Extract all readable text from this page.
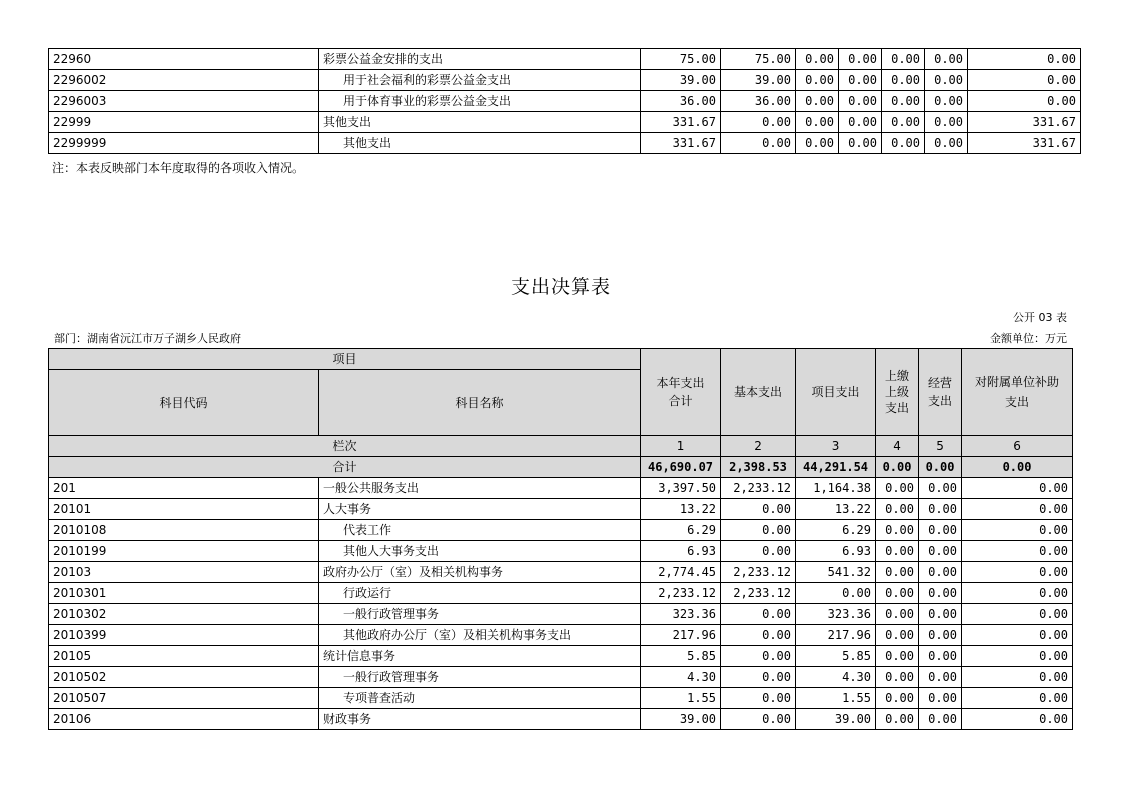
22960	彩票公益金安排的支出	75.00	75.00	0.00	0.00	0.00	0.00	0.00
2296002	用于社会福利的彩票公益金支出	39.00	39.00	0.00	0.00	0.00	0.00	0.00
2296003	用于体育事业的彩票公益金支出	36.00	36.00	0.00	0.00	0.00	0.00	0.00
22999	其他支出	331.67	0.00	0.00	0.00	0.00	0.00	331.67
2299999	其他支出	331.67	0.00	0.00	0.00	0.00	0.00	331.67
注：本表反映部门本年度取得的各项收入情况。
支出决算表
公开 03 表
部门：湖南省沅江市万子湖乡人民政府	金额单位：万元
项目		本年支出合计	基本支出	项目支出	上缴上级支出	经营支出	对附属单位补助支出
科目代码	科目名称						
栏次		1	2	3	4	5	6
合计		46,690.07	2,398.53	44,291.54	0.00	0.00	0.00
201	一般公共服务支出	3,397.50	2,233.12	1,164.38	0.00	0.00	0.00
20101	人大事务	13.22	0.00	13.22	0.00	0.00	0.00
2010108	代表工作	6.29	0.00	6.29	0.00	0.00	0.00
2010199	其他人大事务支出	6.93	0.00	6.93	0.00	0.00	0.00
20103	政府办公厅（室）及相关机构事务	2,774.45	2,233.12	541.32	0.00	0.00	0.00
2010301	行政运行	2,233.12	2,233.12	0.00	0.00	0.00	0.00
2010302	一般行政管理事务	323.36	0.00	323.36	0.00	0.00	0.00
2010399	其他政府办公厅（室）及相关机构事务支出	217.96	0.00	217.96	0.00	0.00	0.00
20105	统计信息事务	5.85	0.00	5.85	0.00	0.00	0.00
2010502	一般行政管理事务	4.30	0.00	4.30	0.00	0.00	0.00
2010507	专项普查活动	1.55	0.00	1.55	0.00	0.00	0.00
20106	财政事务	39.00	0.00	39.00	0.00	0.00	0.00
